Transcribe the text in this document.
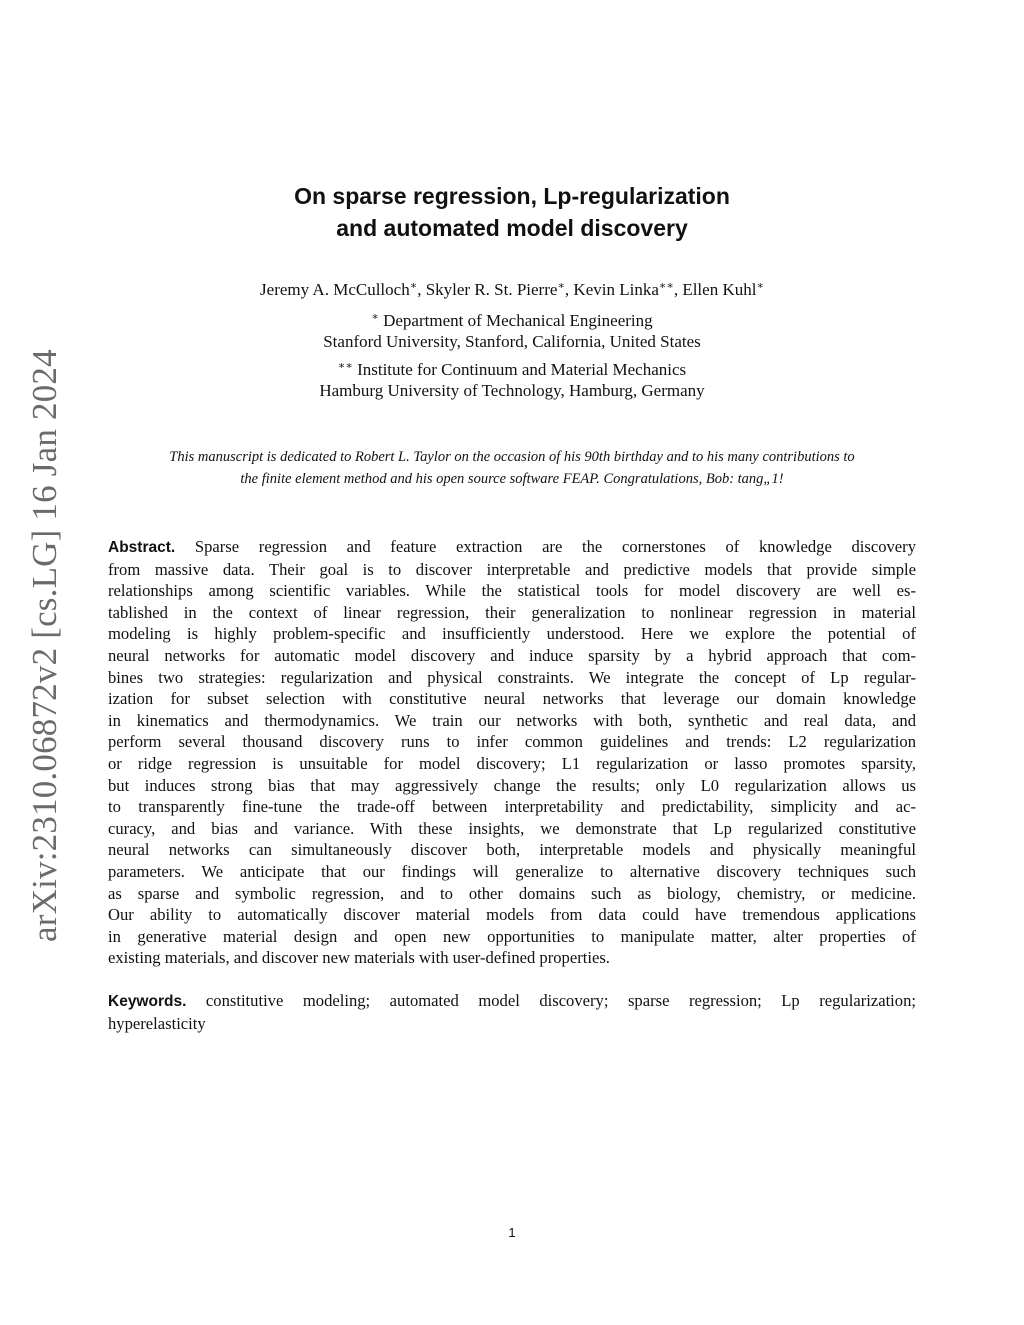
arXiv:2310.06872v2 [cs.LG] 16 Jan 2024
On sparse regression, Lp-regularization
and automated model discovery
Jeremy A. McCulloch∗, Skyler R. St. Pierre∗, Kevin Linka∗∗, Ellen Kuhl∗
∗ Department of Mechanical Engineering
Stanford University, Stanford, California, United States
∗∗ Institute for Continuum and Material Mechanics
Hamburg University of Technology, Hamburg, Germany
This manuscript is dedicated to Robert L. Taylor on the occasion of his 90th birthday and to his many contributions to
the finite element method and his open source software FEAP. Congratulations, Bob: tang„1!
Abstract. Sparse regression and feature extraction are the cornerstones of knowledge discovery
from massive data. Their goal is to discover interpretable and predictive models that provide simple
relationships among scientific variables. While the statistical tools for model discovery are well es-
tablished in the context of linear regression, their generalization to nonlinear regression in material
modeling is highly problem-specific and insufficiently understood. Here we explore the potential of
neural networks for automatic model discovery and induce sparsity by a hybrid approach that com-
bines two strategies: regularization and physical constraints. We integrate the concept of Lp regular-
ization for subset selection with constitutive neural networks that leverage our domain knowledge
in kinematics and thermodynamics. We train our networks with both, synthetic and real data, and
perform several thousand discovery runs to infer common guidelines and trends: L2 regularization
or ridge regression is unsuitable for model discovery; L1 regularization or lasso promotes sparsity,
but induces strong bias that may aggressively change the results; only L0 regularization allows us
to transparently fine-tune the trade-off between interpretability and predictability, simplicity and ac-
curacy, and bias and variance. With these insights, we demonstrate that Lp regularized constitutive
neural networks can simultaneously discover both, interpretable models and physically meaningful
parameters. We anticipate that our findings will generalize to alternative discovery techniques such
as sparse and symbolic regression, and to other domains such as biology, chemistry, or medicine.
Our ability to automatically discover material models from data could have tremendous applications
in generative material design and open new opportunities to manipulate matter, alter properties of
existing materials, and discover new materials with user-defined properties.
Keywords. constitutive modeling; automated model discovery; sparse regression; Lp regularization;
hyperelasticity
1
